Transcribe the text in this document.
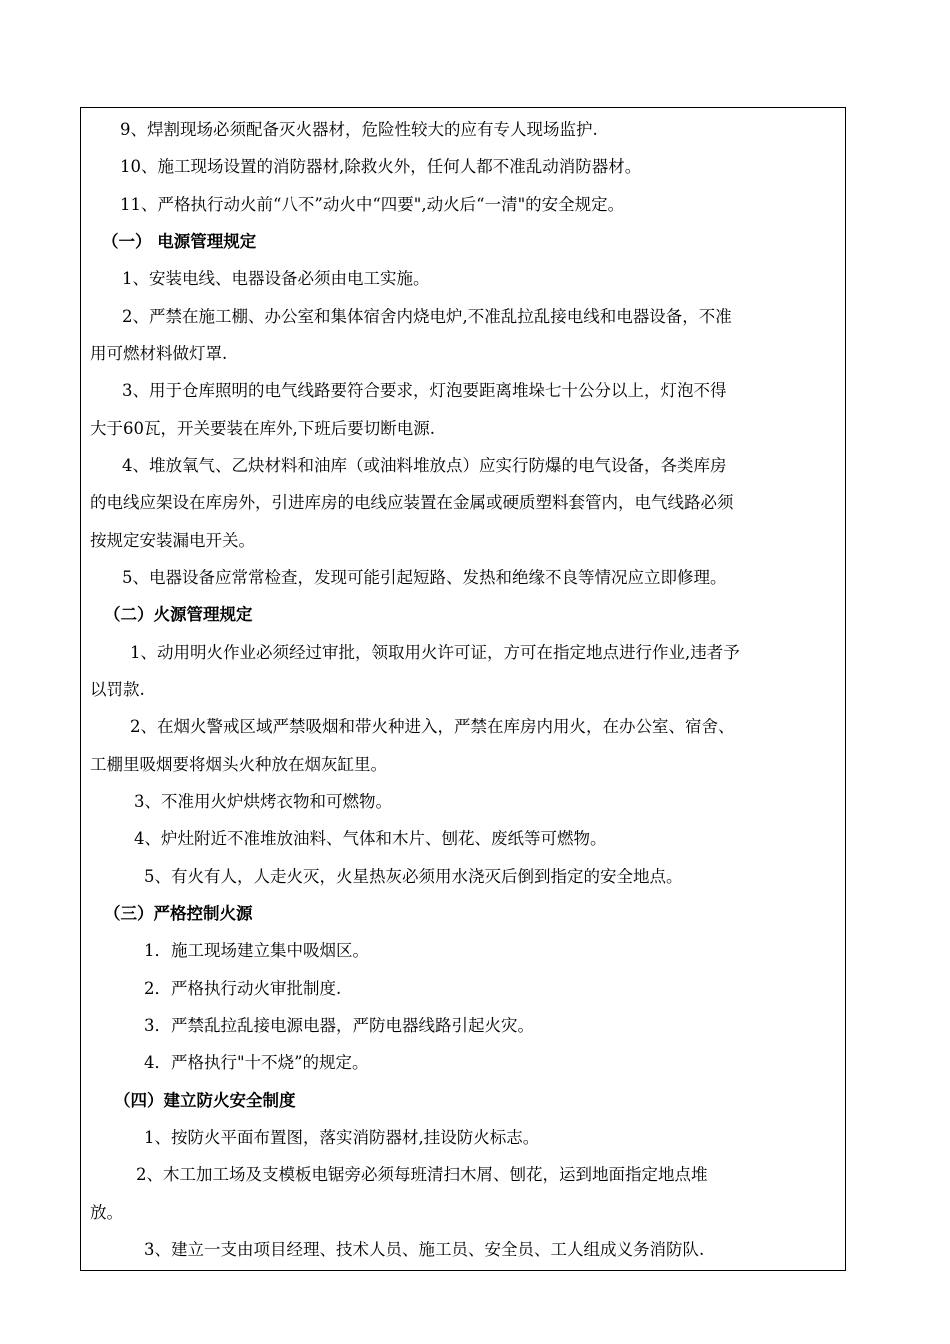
9、焊割现场必须配备灭火器材，危险性较大的应有专人现场监护.
10、施工现场设置的消防器材,除救火外，任何人都不准乱动消防器材。
11、严格执行动火前“八不”动火中“四要",动火后“一清"的安全规定。
（一） 电源管理规定
1、安装电线、电器设备必须由电工实施。
2、严禁在施工棚、办公室和集体宿舍内烧电炉,不准乱拉乱接电线和电器设备，不准
用可燃材料做灯罩.
3、用于仓库照明的电气线路要符合要求，灯泡要距离堆垛七十公分以上，灯泡不得
大于60瓦，开关要装在库外,下班后要切断电源.
4、堆放氧气、乙炔材料和油库（或油料堆放点）应实行防爆的电气设备，各类库房
的电线应架设在库房外，引进库房的电线应装置在金属或硬质塑料套管内，电气线路必须
按规定安装漏电开关。
5、电器设备应常常检查，发现可能引起短路、发热和绝缘不良等情况应立即修理。
（二）火源管理规定
1、动用明火作业必须经过审批，领取用火许可证，方可在指定地点进行作业,违者予
以罚款.
2、在烟火警戒区域严禁吸烟和带火种进入，严禁在库房内用火，在办公室、宿舍、
工棚里吸烟要将烟头火种放在烟灰缸里。
3、不准用火炉烘烤衣物和可燃物。
4、炉灶附近不准堆放油料、气体和木片、刨花、废纸等可燃物。
5、有火有人，人走火灭，火星热灰必须用水浇灭后倒到指定的安全地点。
（三）严格控制火源
1．施工现场建立集中吸烟区。
2．严格执行动火审批制度.
3．严禁乱拉乱接电源电器，严防电器线路引起火灾。
4．严格执行"十不烧”的规定。
（四）建立防火安全制度
1、按防火平面布置图，落实消防器材,挂设防火标志。
2、木工加工场及支模板电锯旁必须每班清扫木屑、刨花，运到地面指定地点堆
放。
3、建立一支由项目经理、技术人员、施工员、安全员、工人组成义务消防队.
